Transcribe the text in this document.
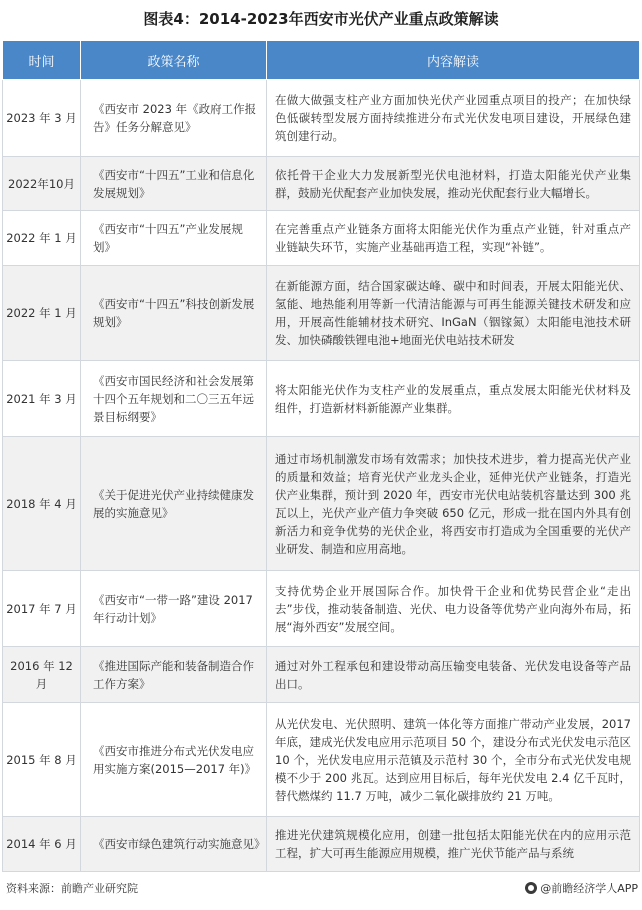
图表4：2014-2023年西安市光伏产业重点政策解读
时间	政策名称	内容解读
2023 年 3 月	《西安市 2023 年《政府工作报告》任务分解意见》	在做大做强支柱产业方面加快光伏产业园重点项目的投产；在加快绿色低碳转型发展方面持续推进分布式光伏发电项目建设，开展绿色建筑创建行动。
2022年10月	《西安市“十四五”工业和信息化发展规划》	依托骨干企业大力发展新型光伏电池材料，打造太阳能光伏产业集群，鼓励光伏配套产业加快发展，推动光伏配套行业大幅增长。
2022 年 1 月	《西安市“十四五”产业发展规划》	在完善重点产业链条方面将太阳能光伏作为重点产业链，针对重点产业链缺失环节，实施产业基础再造工程，实现“补链”。
2022 年 1 月	《西安市“十四五”科技创新发展规划》	在新能源方面，结合国家碳达峰、碳中和时间表，开展太阳能光伏、氢能、地热能利用等新一代清洁能源与可再生能源关键技术研发和应用，开展高性能辅材技术研究、InGaN（铟镓氮）太阳能电池技术研发、加快磷酸铁锂电池+地面光伏电站技术研发
2021 年 3 月	《西安市国民经济和社会发展第十四个五年规划和二〇三五年远景目标纲要》	将太阳能光伏作为支柱产业的发展重点，重点发展太阳能光伏材料及组件，打造新材料新能源产业集群。
2018 年 4 月	《关于促进光伏产业持续健康发展的实施意见》	通过市场机制激发市场有效需求；加快技术进步，着力提高光伏产业的质量和效益；培育光伏产业龙头企业，延伸光伏产业链条，打造光伏产业集群，预计到 2020 年，西安市光伏电站装机容量达到 300 兆瓦以上，光伏产业产值力争突破 650 亿元，形成一批在国内外具有创新活力和竞争优势的光伏企业，将西安市打造成为全国重要的光伏产业研发、制造和应用高地。
2017 年 7 月	《西安市“一带一路”建设 2017 年行动计划》	支持优势企业开展国际合作。加快骨干企业和优势民营企业“走出去”步伐，推动装备制造、光伏、电力设备等优势产业向海外布局，拓展“海外西安”发展空间。
2016 年 12 月	《推进国际产能和装备制造合作工作方案》	通过对外工程承包和建设带动高压输变电装备、光伏发电设备等产品出口。
2015 年 8 月	《西安市推进分布式光伏发电应用实施方案(2015—2017 年)》	从光伏发电、光伏照明、建筑一体化等方面推广带动产业发展，2017 年底，建成光伏发电应用示范项目 50 个，建设分布式光伏发电示范区 10 个，光伏发电应用示范镇及示范村 30 个，全市分布式光伏发电规模不少于 200 兆瓦。达到应用目标后，每年光伏发电 2.4 亿千瓦时，替代燃煤约 11.7 万吨，减少二氧化碳排放约 21 万吨。
2014 年 6 月	《西安市绿色建筑行动实施意见》	推进光伏建筑规模化应用，创建一批包括太阳能光伏在内的应用示范工程，扩大可再生能源应用规模，推广光伏节能产品与系统
资料来源：前瞻产业研究院	@前瞻经济学人APP
